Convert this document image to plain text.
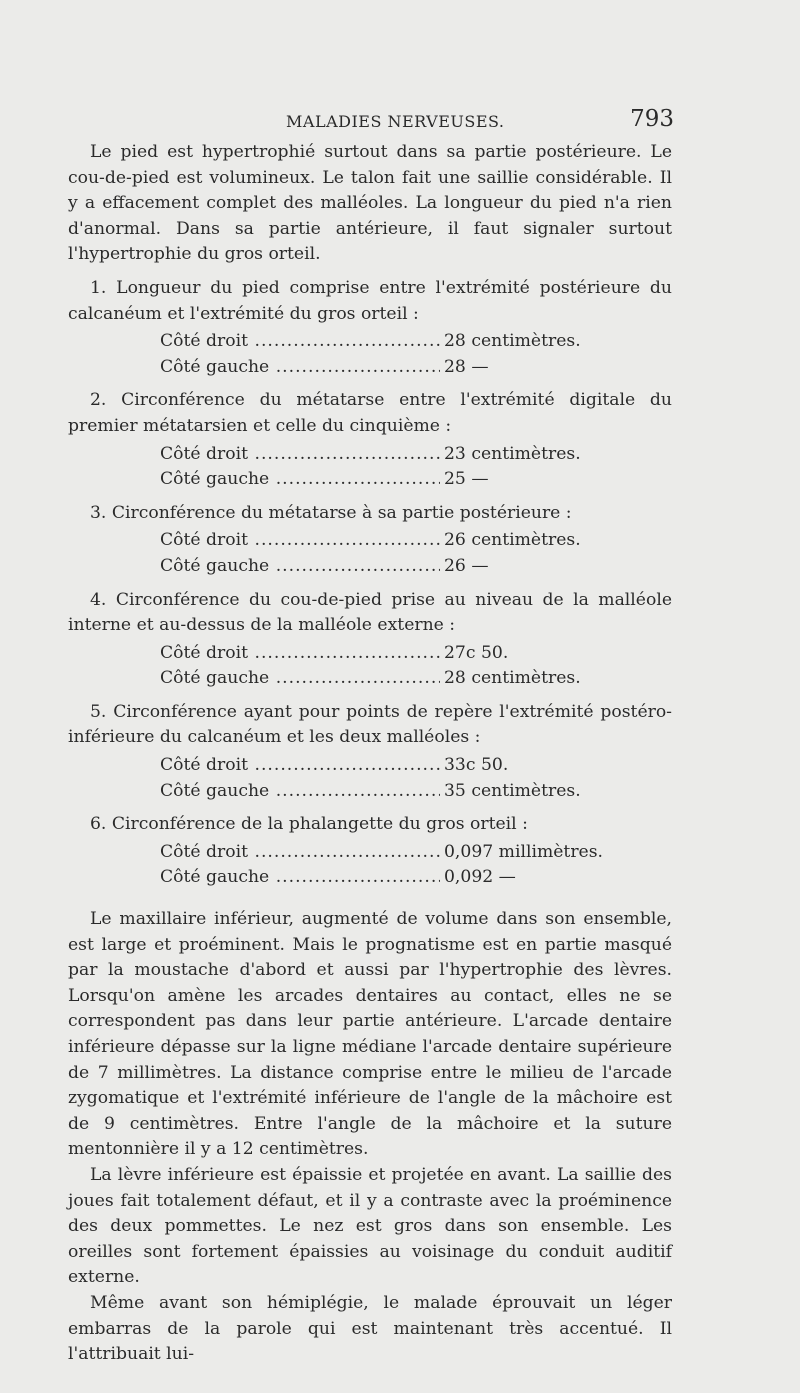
MALADIES NERVEUSES.	793

Le pied est hypertrophié surtout dans sa partie postérieure. Le cou-de-pied est volumineux. Le talon fait une saillie considérable. Il y a effacement complet des malléoles. La longueur du pied n'a rien d'anormal. Dans sa partie antérieure, il faut signaler surtout l'hypertrophie du gros orteil.

1. Longueur du pied comprise entre l'extrémité postérieure du calcanéum et l'extrémité du gros orteil :

Côté droit .....	28 centimètres.
Côté gauche .....	28 —

2. Circonférence du métatarse entre l'extrémité digitale du premier métatarsien et celle du cinquième :

Côté droit .....	23 centimètres.
Côté gauche .....	25 —

3. Circonférence du métatarse à sa partie postérieure :

Côté droit .....	26 centimètres.
Côté gauche .....	26 —

4. Circonférence du cou-de-pied prise au niveau de la malléole interne et au-dessus de la malléole externe :

Côté droit .....	27c 50.
Côté gauche .....	28 centimètres.

5. Circonférence ayant pour points de repère l'extrémité postéro-inférieure du calcanéum et les deux malléoles :

Côté droit .....	33c 50.
Côté gauche .....	35 centimètres.

6. Circonférence de la phalangette du gros orteil :

Côté droit .....	0,097 millimètres.
Côté gauche .....	0,092 —

Le maxillaire inférieur, augmenté de volume dans son ensemble, est large et proéminent. Mais le prognatisme est en partie masqué par la moustache d'abord et aussi par l'hypertrophie des lèvres. Lorsqu'on amène les arcades dentaires au contact, elles ne se correspondent pas dans leur partie antérieure. L'arcade dentaire inférieure dépasse sur la ligne médiane l'arcade dentaire supérieure de 7 millimètres. La distance comprise entre le milieu de l'arcade zygomatique et l'extrémité inférieure de l'angle de la mâchoire est de 9 centimètres. Entre l'angle de la mâchoire et la suture mentonnière il y a 12 centimètres.

La lèvre inférieure est épaissie et projetée en avant. La saillie des joues fait totalement défaut, et il y a contraste avec la proéminence des deux pommettes. Le nez est gros dans son ensemble. Les oreilles sont fortement épaissies au voisinage du conduit auditif externe.

Même avant son hémiplégie, le malade éprouvait un léger embarras de la parole qui est maintenant très accentué. Il l'attribuait lui-
